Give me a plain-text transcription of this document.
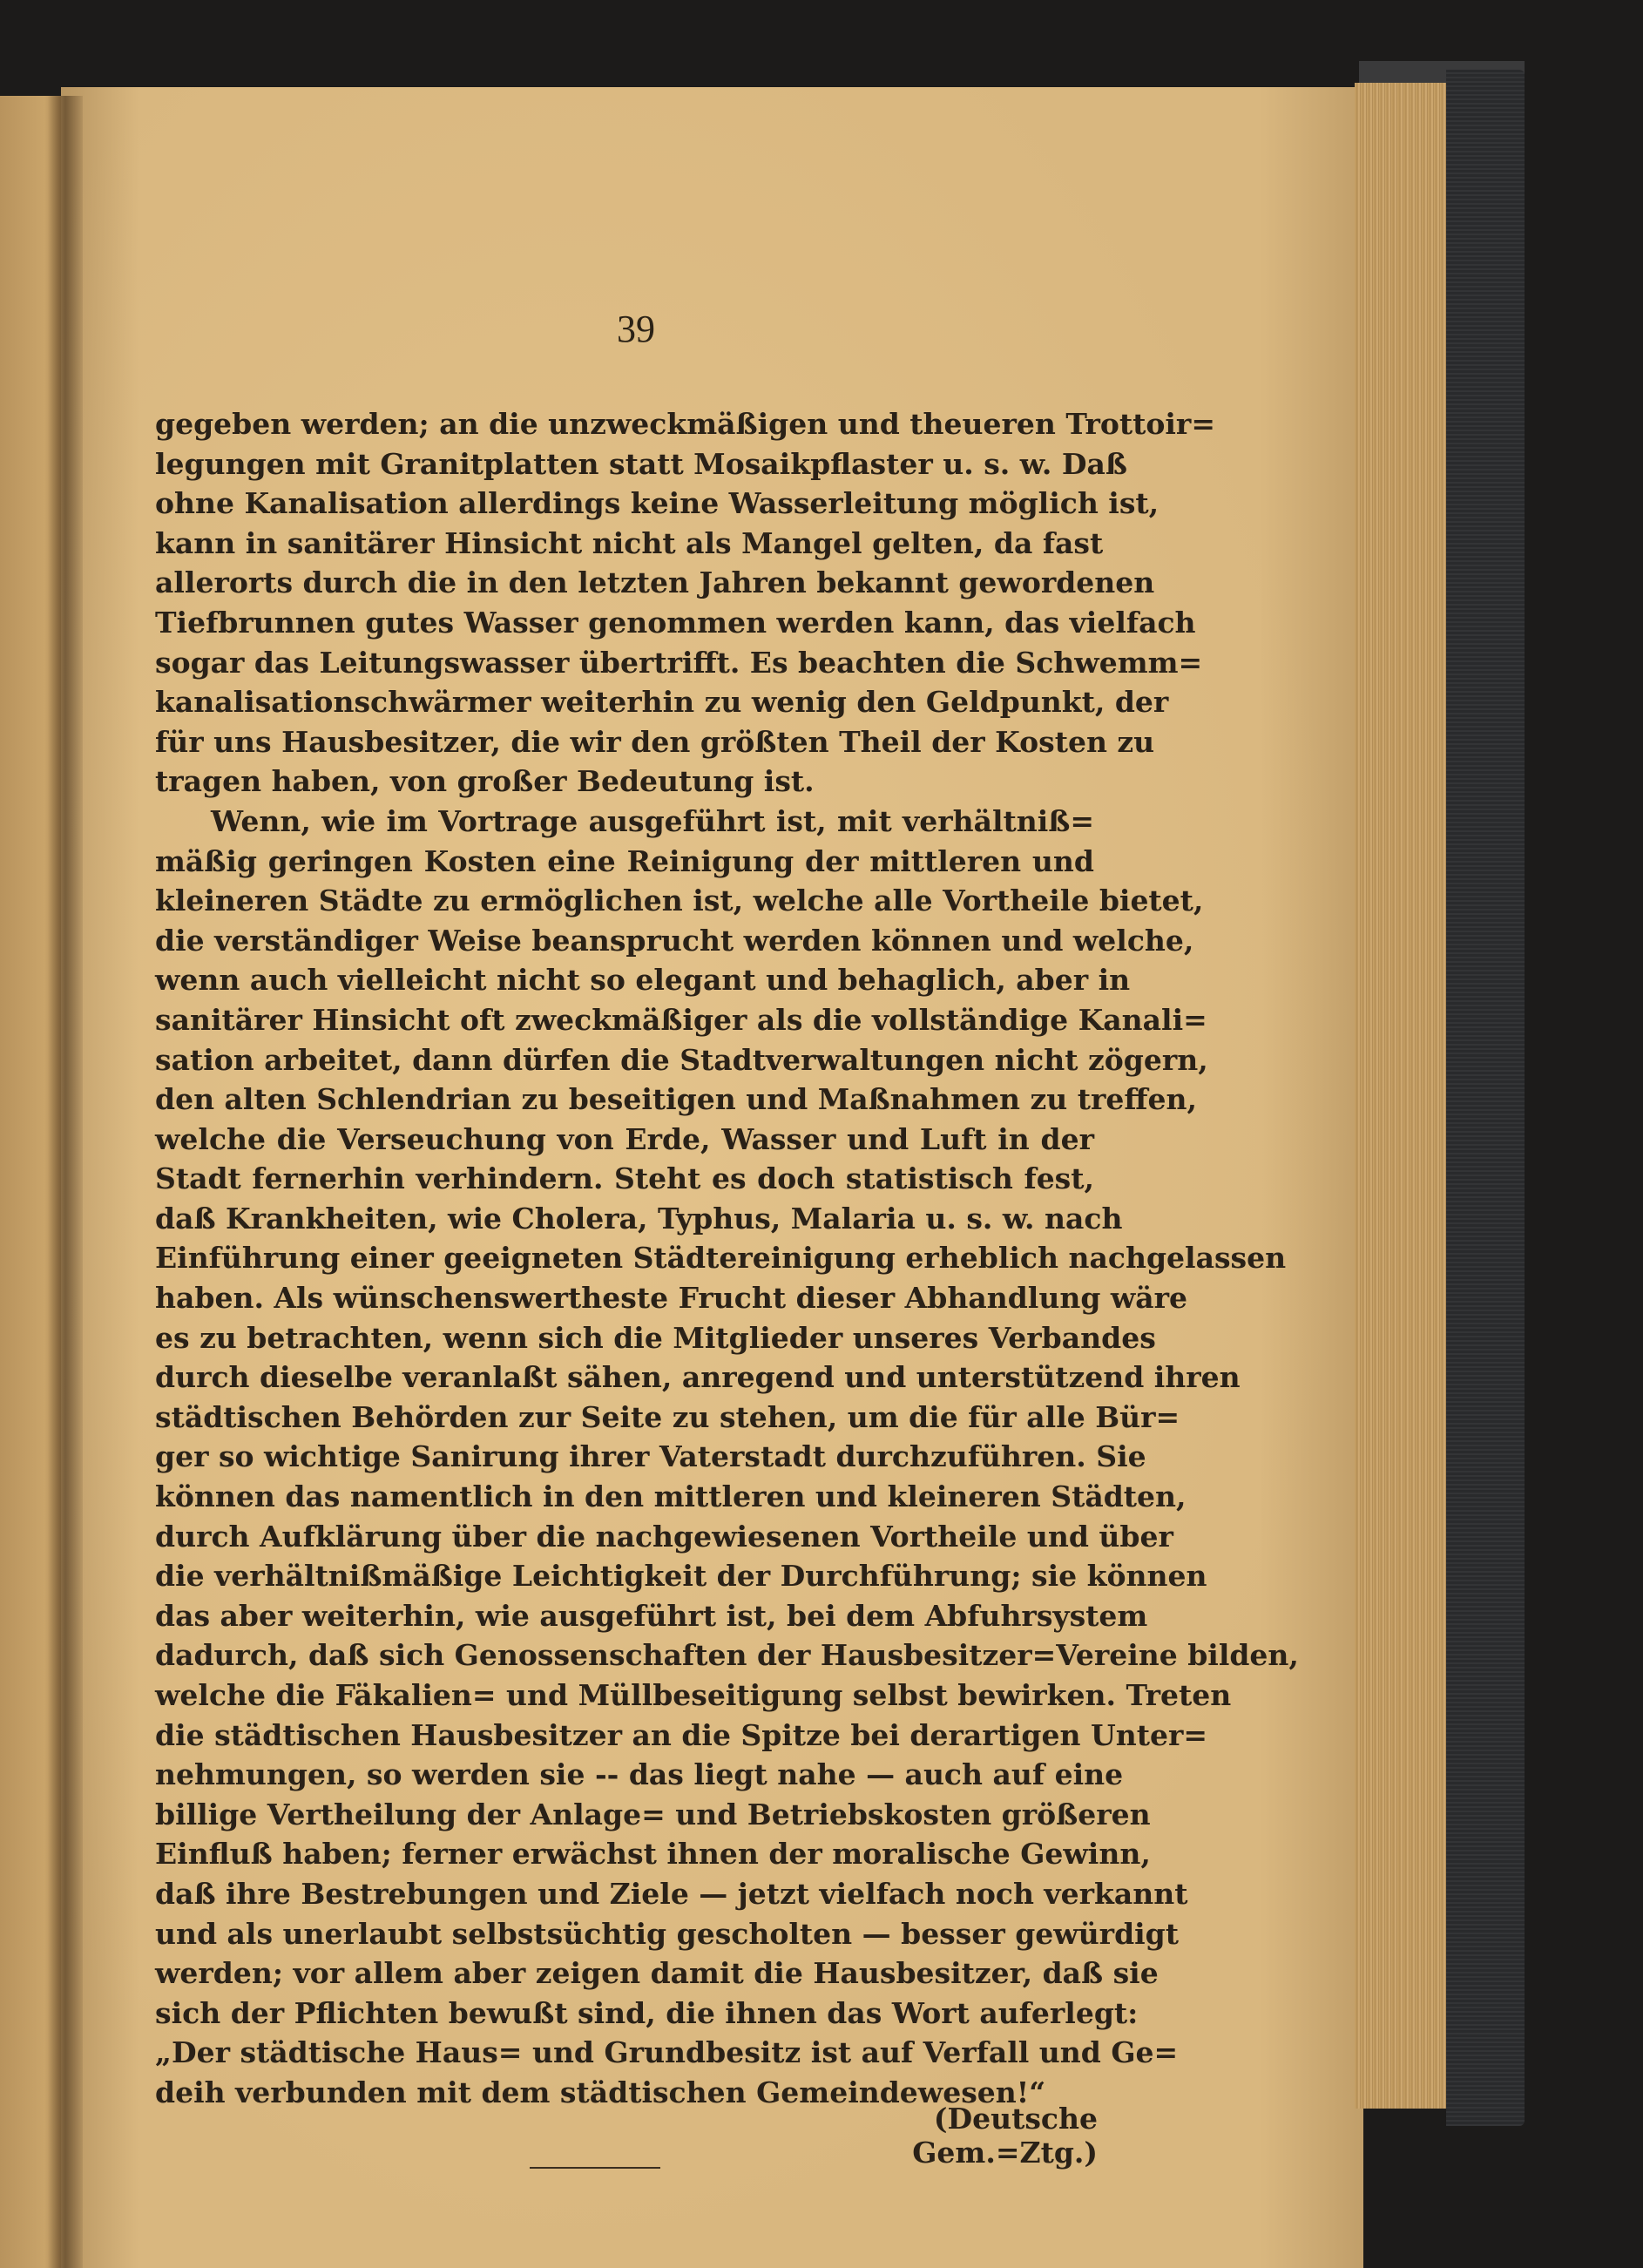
39
gegeben werden; an die unzweckmäßigen und theueren Trottoir=
legungen mit Granitplatten statt Mosaikpflaster u. s. w. Daß
ohne Kanalisation allerdings keine Wasserleitung möglich ist,
kann in sanitärer Hinsicht nicht als Mangel gelten, da fast
allerorts durch die in den letzten Jahren bekannt gewordenen
Tiefbrunnen gutes Wasser genommen werden kann, das vielfach
sogar das Leitungswasser übertrifft. Es beachten die Schwemm=
kanalisationschwärmer weiterhin zu wenig den Geldpunkt, der
für uns Hausbesitzer, die wir den größten Theil der Kosten zu
tragen haben, von großer Bedeutung ist.
Wenn, wie im Vortrage ausgeführt ist, mit verhältniß=
mäßig geringen Kosten eine Reinigung der mittleren und
kleineren Städte zu ermöglichen ist, welche alle Vortheile bietet,
die verständiger Weise beansprucht werden können und welche,
wenn auch vielleicht nicht so elegant und behaglich, aber in
sanitärer Hinsicht oft zweckmäßiger als die vollständige Kanali=
sation arbeitet, dann dürfen die Stadtverwaltungen nicht zögern,
den alten Schlendrian zu beseitigen und Maßnahmen zu treffen,
welche die Verseuchung von Erde, Wasser und Luft in der
Stadt fernerhin verhindern. Steht es doch statistisch fest,
daß Krankheiten, wie Cholera, Typhus, Malaria u. s. w. nach
Einführung einer geeigneten Städtereinigung erheblich nachgelassen
haben. Als wünschenswertheste Frucht dieser Abhandlung wäre
es zu betrachten, wenn sich die Mitglieder unseres Verbandes
durch dieselbe veranlaßt sähen, anregend und unterstützend ihren
städtischen Behörden zur Seite zu stehen, um die für alle Bür=
ger so wichtige Sanirung ihrer Vaterstadt durchzuführen. Sie
können das namentlich in den mittleren und kleineren Städten,
durch Aufklärung über die nachgewiesenen Vortheile und über
die verhältnißmäßige Leichtigkeit der Durchführung; sie können
das aber weiterhin, wie ausgeführt ist, bei dem Abfuhrsystem
dadurch, daß sich Genossenschaften der Hausbesitzer=Vereine bilden,
welche die Fäkalien= und Müllbeseitigung selbst bewirken. Treten
die städtischen Hausbesitzer an die Spitze bei derartigen Unter=
nehmungen, so werden sie -- das liegt nahe — auch auf eine
billige Vertheilung der Anlage= und Betriebskosten größeren
Einfluß haben; ferner erwächst ihnen der moralische Gewinn,
daß ihre Bestrebungen und Ziele — jetzt vielfach noch verkannt
und als unerlaubt selbstsüchtig gescholten — besser gewürdigt
werden; vor allem aber zeigen damit die Hausbesitzer, daß sie
sich der Pflichten bewußt sind, die ihnen das Wort auferlegt:
„Der städtische Haus= und Grundbesitz ist auf Verfall und Ge=
deih verbunden mit dem städtischen Gemeindewesen!“
(Deutsche Gem.=Ztg.)
